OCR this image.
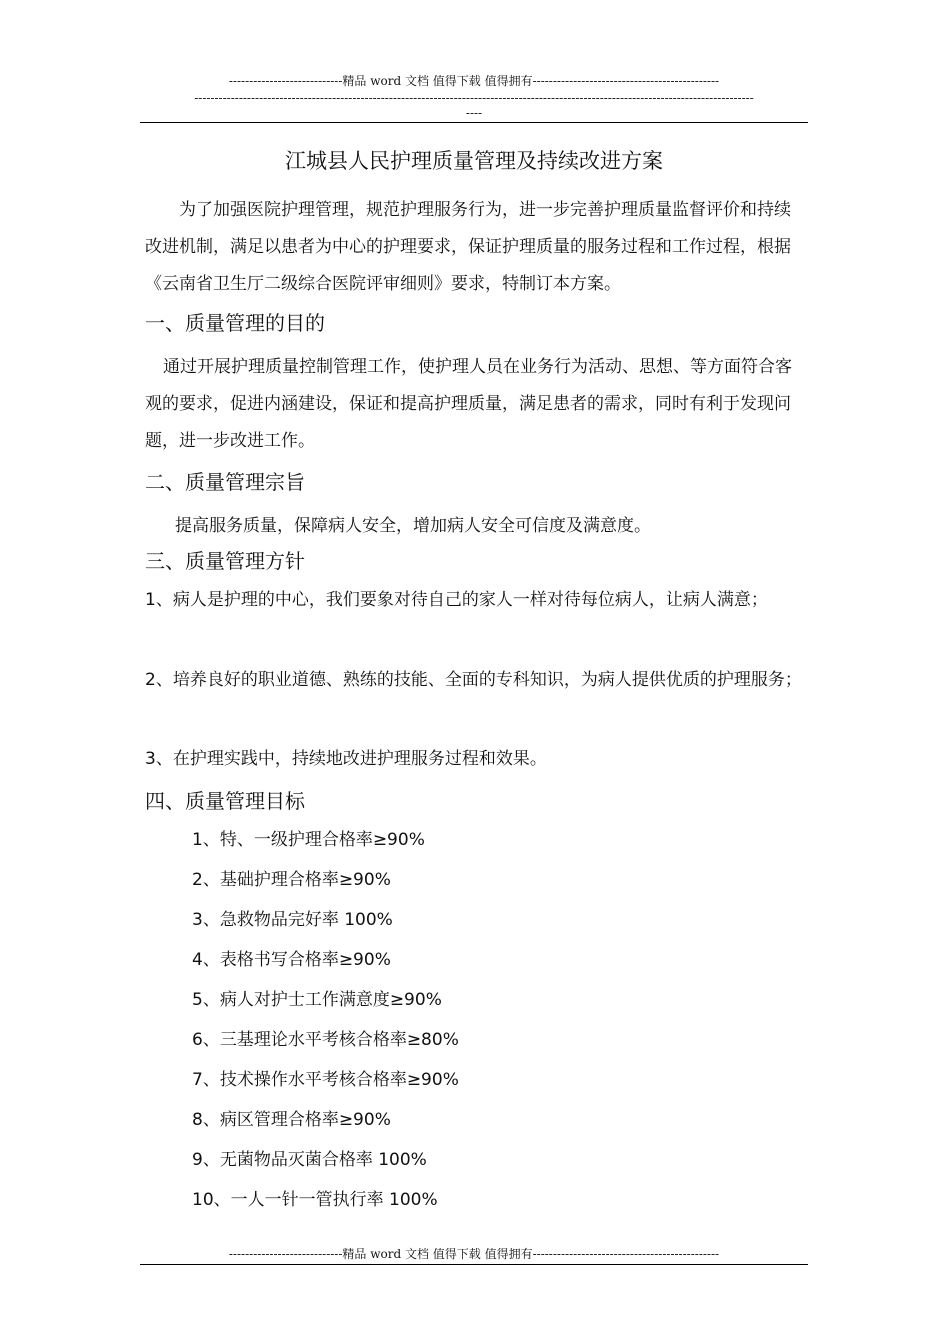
----------------------------精品 word 文档 值得下载 值得拥有----------------------------------------------
------------------------------------------------------------------------------------------------------------------------------------------
----
江城县人民护理质量管理及持续改进方案

为了加强医院护理管理，规范护理服务行为，进一步完善护理质量监督评价和持续改进机制，满足以患者为中心的护理要求，保证护理质量的服务过程和工作过程，根据《云南省卫生厅二级综合医院评审细则》要求，特制订本方案。

一、质量管理的目的

通过开展护理质量控制管理工作，使护理人员在业务行为活动、思想、等方面符合客观的要求，促进内涵建设，保证和提高护理质量，满足患者的需求，同时有利于发现问题，进一步改进工作。

二、质量管理宗旨
提高服务质量，保障病人安全，增加病人安全可信度及满意度。
三、质量管理方针
1、病人是护理的中心，我们要象对待自己的家人一样对待每位病人，让病人满意；
2、培养良好的职业道德、熟练的技能、全面的专科知识，为病人提供优质的护理服务；
3、在护理实践中，持续地改进护理服务过程和效果。
四、质量管理目标
1、特、一级护理合格率≥90%
2、基础护理合格率≥90%
3、急救物品完好率 100%
4、表格书写合格率≥90%
5、病人对护士工作满意度≥90%
6、三基理论水平考核合格率≥80%
7、技术操作水平考核合格率≥90%
8、病区管理合格率≥90%
9、无菌物品灭菌合格率 100%
10、一人一针一管执行率 100%
----------------------------精品 word 文档 值得下载 值得拥有----------------------------------------------
